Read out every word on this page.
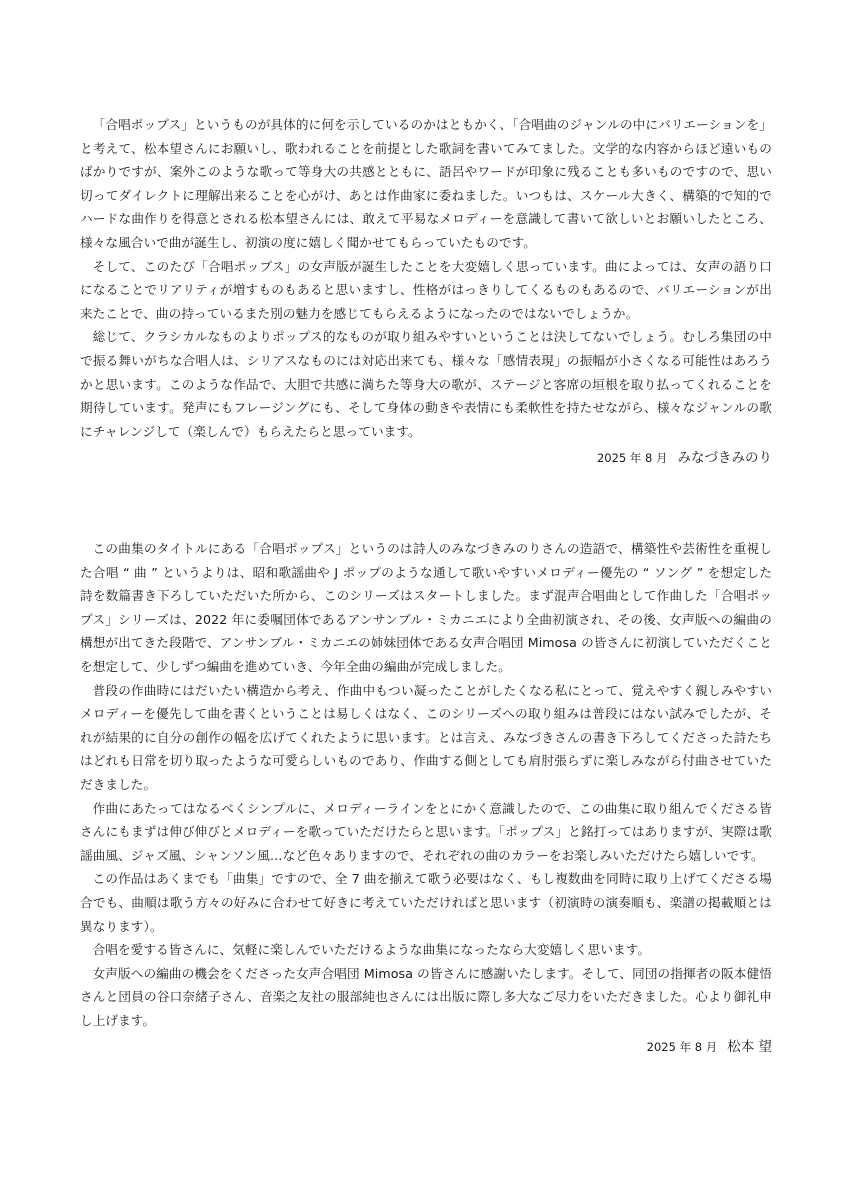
「合唱ポップス」というものが具体的に何を示しているのかはともかく、「合唱曲のジャンルの中にバリエーションを」と考えて、松本望さんにお願いし、歌われることを前提とした歌詞を書いてみてました。文学的な内容からほど遠いものばかりですが、案外このような歌って等身大の共感とともに、語呂やワードが印象に残ることも多いものですので、思い切ってダイレクトに理解出来ることを心がけ、あとは作曲家に委ねました。いつもは、スケール大きく、構築的で知的でハードな曲作りを得意とされる松本望さんには、敢えて平易なメロディーを意識して書いて欲しいとお願いしたところ、様々な風合いで曲が誕生し、初演の度に嬉しく聞かせてもらっていたものです。

そして、このたび「合唱ポップス」の女声版が誕生したことを大変嬉しく思っています。曲によっては、女声の語り口になることでリアリティが増すものもあると思いますし、性格がはっきりしてくるものもあるので、バリエーションが出来たことで、曲の持っているまた別の魅力を感じてもらえるようになったのではないでしょうか。

総じて、クラシカルなものよりポップス的なものが取り組みやすいということは決してないでしょう。むしろ集団の中で振る舞いがちな合唱人は、シリアスなものには対応出来ても、様々な「感情表現」の振幅が小さくなる可能性はあろうかと思います。このような作品で、大胆で共感に満ちた等身大の歌が、ステージと客席の垣根を取り払ってくれることを期待しています。発声にもフレージングにも、そして身体の動きや表情にも柔軟性を持たせながら、様々なジャンルの歌にチャレンジして（楽しんで）もらえたらと思っています。

2025 年 8 月 みなづきみのり

この曲集のタイトルにある「合唱ポップス」というのは詩人のみなづきみのりさんの造語で、構築性や芸術性を重視した合唱 “ 曲 ” というよりは、昭和歌謡曲や J ポップのような通して歌いやすいメロディー優先の “ ソング ” を想定した詩を数篇書き下ろしていただいた所から、このシリーズはスタートしました。まず混声合唱曲として作曲した「合唱ポップス」シリーズは、2022 年に委嘱団体であるアンサンブル・ミカニエにより全曲初演され、その後、女声版への編曲の構想が出てきた段階で、アンサンブル・ミカニエの姉妹団体である女声合唱団 Mimosa の皆さんに初演していただくことを想定して、少しずつ編曲を進めていき、今年全曲の編曲が完成しました。

普段の作曲時にはだいたい構造から考え、作曲中もつい凝ったことがしたくなる私にとって、覚えやすく親しみやすいメロディーを優先して曲を書くということは易しくはなく、このシリーズへの取り組みは普段にはない試みでしたが、それが結果的に自分の創作の幅を広げてくれたように思います。とは言え、みなづきさんの書き下ろしてくださった詩たちはどれも日常を切り取ったような可愛らしいものであり、作曲する側としても肩肘張らずに楽しみながら付曲させていただきました。

作曲にあたってはなるべくシンプルに、メロディーラインをとにかく意識したので、この曲集に取り組んでくださる皆さんにもまずは伸び伸びとメロディーを歌っていただけたらと思います。「ポップス」と銘打ってはありますが、実際は歌謡曲風、ジャズ風、シャンソン風…など色々ありますので、それぞれの曲のカラーをお楽しみいただけたら嬉しいです。

この作品はあくまでも「曲集」ですので、全 7 曲を揃えて歌う必要はなく、もし複数曲を同時に取り上げてくださる場合でも、曲順は歌う方々の好みに合わせて好きに考えていただければと思います（初演時の演奏順も、楽譜の掲載順とは異なります）。

合唱を愛する皆さんに、気軽に楽しんでいただけるような曲集になったなら大変嬉しく思います。

女声版への編曲の機会をくださった女声合唱団 Mimosa の皆さんに感謝いたします。そして、同団の指揮者の阪本健悟さんと団員の谷口奈緒子さん、音楽之友社の服部純也さんには出版に際し多大なご尽力をいただきました。心より御礼申し上げます。

2025 年 8 月 松本 望
